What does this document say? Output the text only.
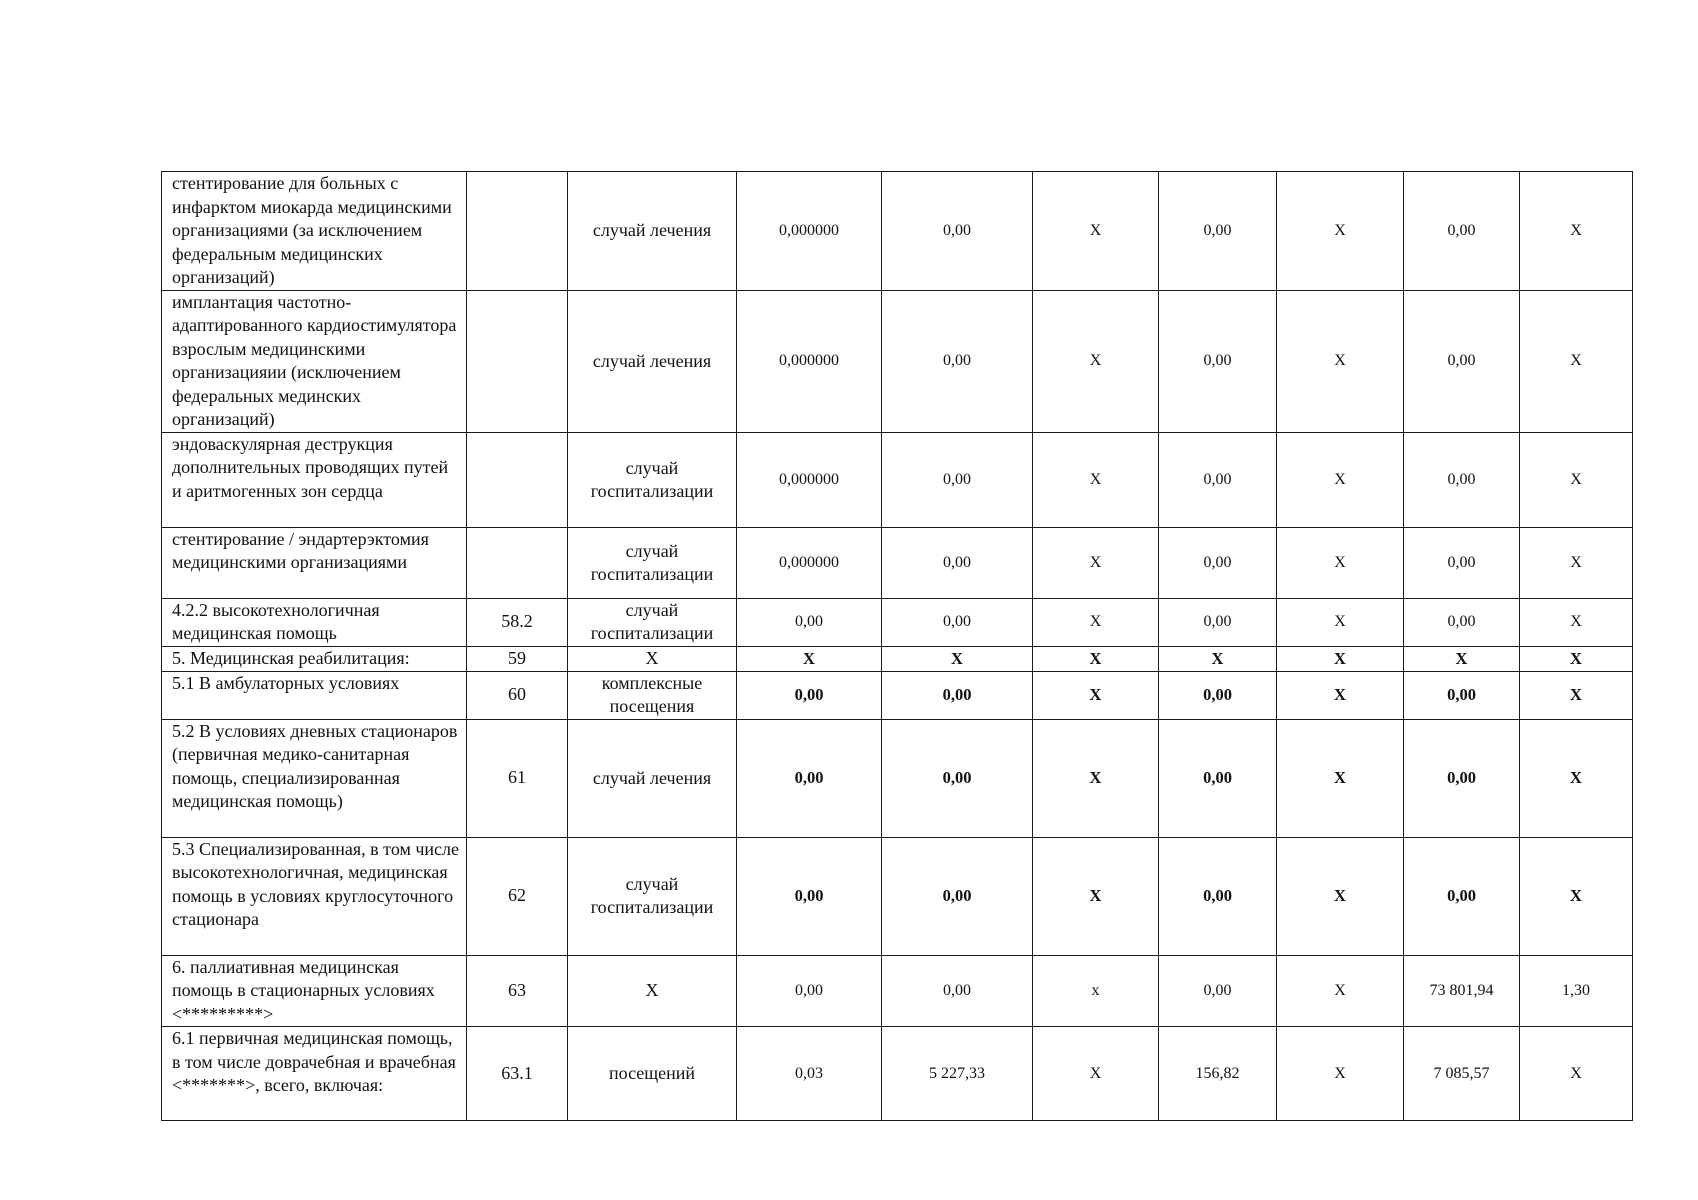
стентирование для больных с инфарктом миокарда медицинскими организациями (за исключением федеральным медицинских организаций)		случай лечения	0,000000	0,00	Х	0,00	Х	0,00	Х
имплантация частотно-адаптированного кардиостимулятора взрослым медицинскими организацияии (исключением федеральных мединских организаций)		случай лечения	0,000000	0,00	Х	0,00	Х	0,00	Х
эндоваскулярная деструкция дополнительных проводящих путей и аритмогенных зон сердца		случай госпитализации	0,000000	0,00	Х	0,00	Х	0,00	Х
стентирование / эндартерэктомия медицинскими организациями		случай госпитализации	0,000000	0,00	Х	0,00	Х	0,00	Х
4.2.2 высокотехнологичная медицинская помощь	58.2	случай госпитализации	0,00	0,00	Х	0,00	Х	0,00	Х
5. Медицинская реабилитация:	59	Х	Х	Х	Х	Х	Х	Х	Х
5.1 В амбулаторных условиях	60	комплексные посещения	0,00	0,00	Х	0,00	Х	0,00	Х
5.2 В условиях дневных стационаров (первичная медико-санитарная помощь, специализированная медицинская помощь)	61	случай лечения	0,00	0,00	Х	0,00	Х	0,00	Х
5.3 Специализированная, в том числе высокотехнологичная, медицинская помощь в условиях круглосуточного стационара	62	случай госпитализации	0,00	0,00	Х	0,00	Х	0,00	Х
6. паллиативная медицинская помощь в стационарных условиях <*********>	63	Х	0,00	0,00	х	0,00	Х	73 801,94	1,30
6.1 первичная медицинская помощь, в том числе доврачебная и врачебная <*******>, всего, включая:	63.1	посещений	0,03	5 227,33	Х	156,82	Х	7 085,57	Х
